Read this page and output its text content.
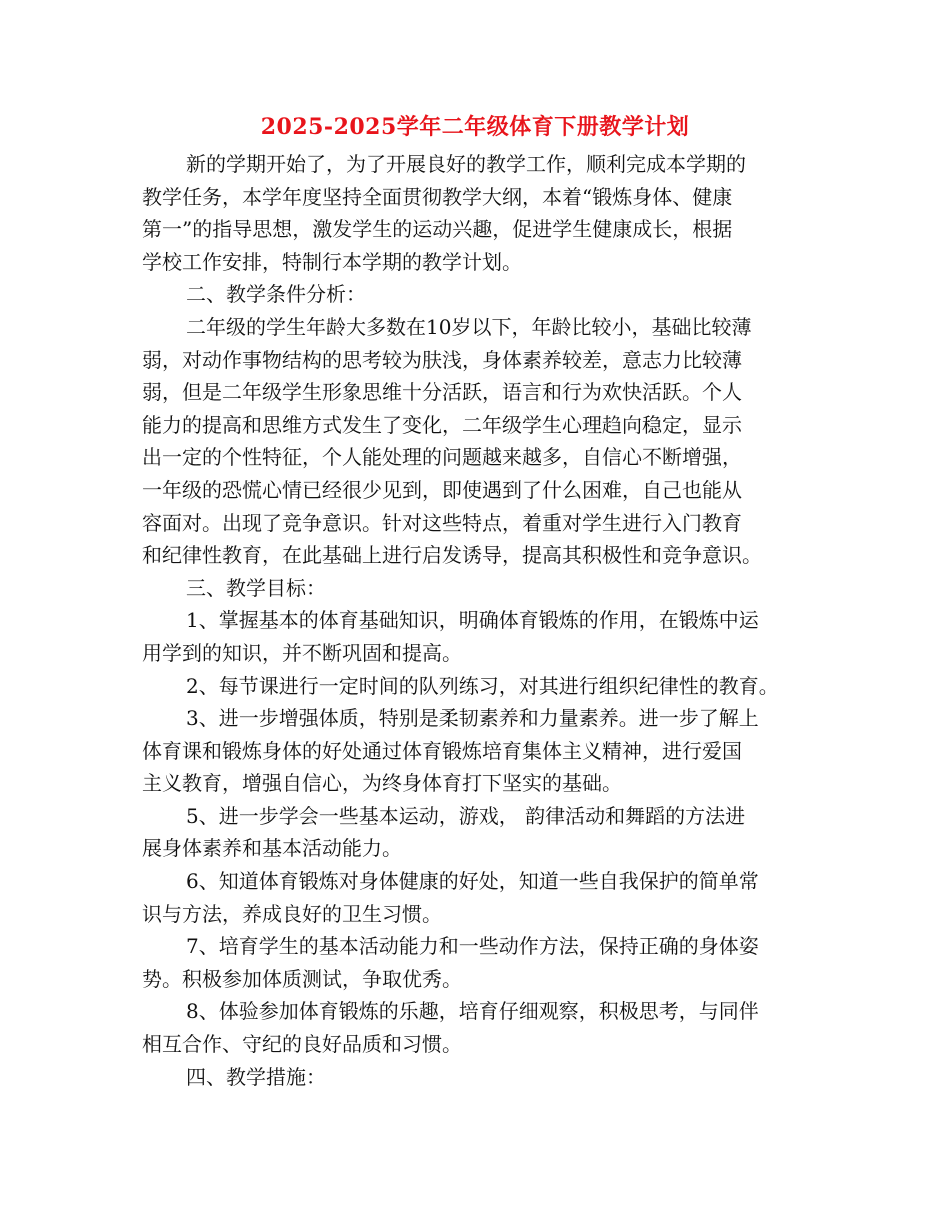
2025-2025学年二年级体育下册教学计划
新的学期开始了，为了开展良好的教学工作，顺利完成本学期的
教学任务，本学年度坚持全面贯彻教学大纲，本着“锻炼身体、健康
第一”的指导思想，激发学生的运动兴趣，促进学生健康成长，根据
学校工作安排，特制行本学期的教学计划。
二、教学条件分析：
二年级的学生年龄大多数在10岁以下，年龄比较小，基础比较薄
弱，对动作事物结构的思考较为肤浅，身体素养较差，意志力比较薄
弱，但是二年级学生形象思维十分活跃，语言和行为欢快活跃。个人
能力的提高和思维方式发生了变化，二年级学生心理趋向稳定，显示
出一定的个性特征，个人能处理的问题越来越多，自信心不断增强，
一年级的恐慌心情已经很少见到，即使遇到了什么困难，自己也能从
容面对。出现了竞争意识。针对这些特点，着重对学生进行入门教育
和纪律性教育，在此基础上进行启发诱导，提高其积极性和竞争意识。
三、教学目标：
1、掌握基本的体育基础知识，明确体育锻炼的作用，在锻炼中运
用学到的知识，并不断巩固和提高。
2、每节课进行一定时间的队列练习，对其进行组织纪律性的教育。
3、进一步增强体质，特别是柔韧素养和力量素养。进一步了解上
体育课和锻炼身体的好处通过体育锻炼培育集体主义精神，进行爱国
主义教育，增强自信心，为终身体育打下坚实的基础。
5、进一步学会一些基本运动，游戏， 韵律活动和舞蹈的方法进
展身体素养和基本活动能力。
6、知道体育锻炼对身体健康的好处，知道一些自我保护的简单常
识与方法，养成良好的卫生习惯。
7、培育学生的基本活动能力和一些动作方法，保持正确的身体姿
势。积极参加体质测试，争取优秀。
8、体验参加体育锻炼的乐趣，培育仔细观察，积极思考，与同伴
相互合作、守纪的良好品质和习惯。
四、教学措施：
